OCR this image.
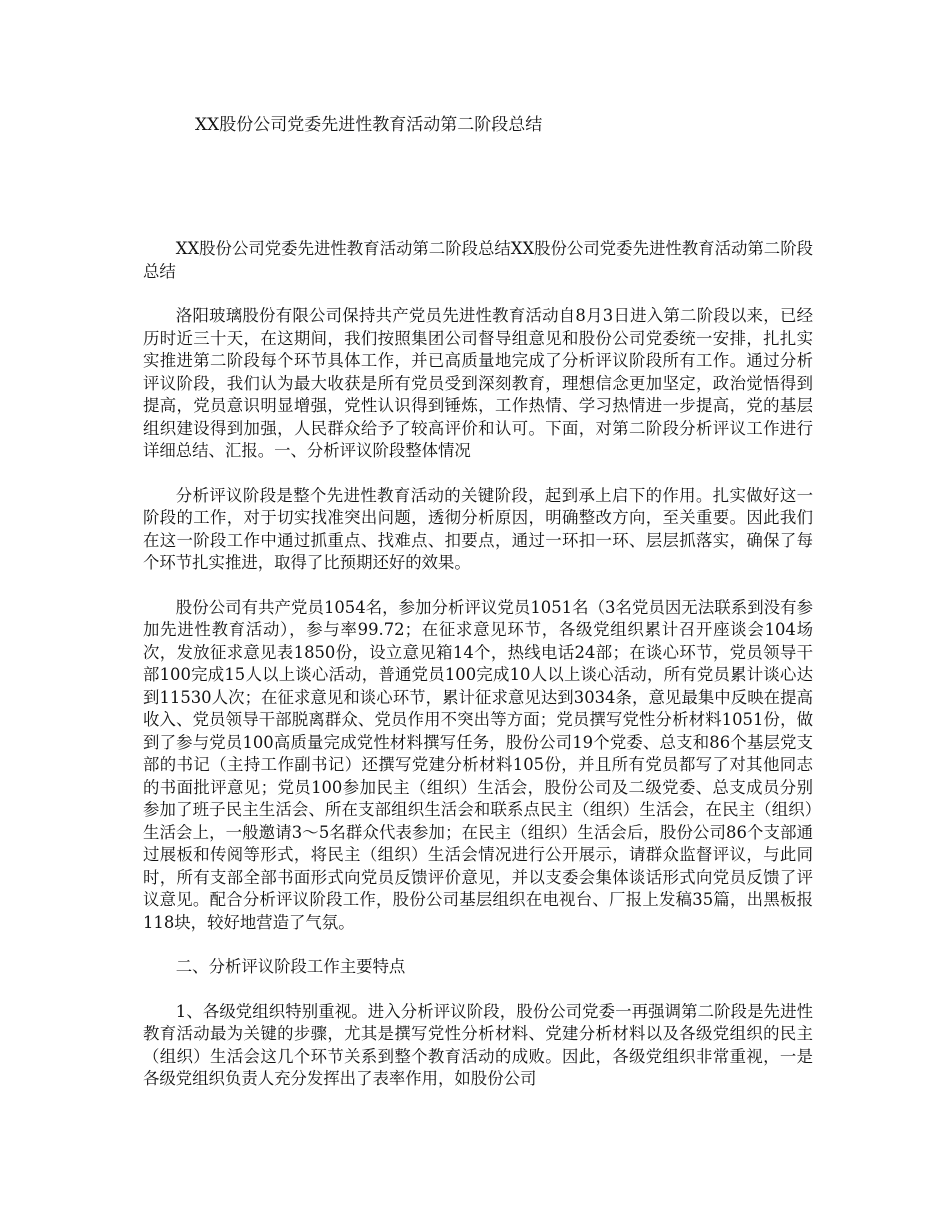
XX股份公司党委先进性教育活动第二阶段总结

XX股份公司党委先进性教育活动第二阶段总结XX股份公司党委先进性教育活动第二阶段总结

洛阳玻璃股份有限公司保持共产党员先进性教育活动自8月3日进入第二阶段以来，已经历时近三十天，在这期间，我们按照集团公司督导组意见和股份公司党委统一安排，扎扎实实推进第二阶段每个环节具体工作，并已高质量地完成了分析评议阶段所有工作。通过分析评议阶段，我们认为最大收获是所有党员受到深刻教育，理想信念更加坚定，政治觉悟得到提高，党员意识明显增强，党性认识得到锤炼，工作热情、学习热情进一步提高，党的基层组织建设得到加强，人民群众给予了较高评价和认可。下面，对第二阶段分析评议工作进行详细总结、汇报。一、分析评议阶段整体情况

分析评议阶段是整个先进性教育活动的关键阶段，起到承上启下的作用。扎实做好这一阶段的工作，对于切实找准突出问题，透彻分析原因，明确整改方向，至关重要。因此我们在这一阶段工作中通过抓重点、找难点、扣要点，通过一环扣一环、层层抓落实，确保了每个环节扎实推进，取得了比预期还好的效果。

股份公司有共产党员1054名，参加分析评议党员1051名（3名党员因无法联系到没有参加先进性教育活动），参与率99.72；在征求意见环节，各级党组织累计召开座谈会104场次，发放征求意见表1850份，设立意见箱14个，热线电话24部；在谈心环节，党员领导干部100完成15人以上谈心活动，普通党员100完成10人以上谈心活动，所有党员累计谈心达到11530人次；在征求意见和谈心环节，累计征求意见达到3034条，意见最集中反映在提高收入、党员领导干部脱离群众、党员作用不突出等方面；党员撰写党性分析材料1051份，做到了参与党员100高质量完成党性材料撰写任务，股份公司19个党委、总支和86个基层党支部的书记（主持工作副书记）还撰写党建分析材料105份，并且所有党员都写了对其他同志的书面批评意见；党员100参加民主（组织）生活会，股份公司及二级党委、总支成员分别参加了班子民主生活会、所在支部组织生活会和联系点民主（组织）生活会，在民主（组织）生活会上，一般邀请3～5名群众代表参加；在民主（组织）生活会后，股份公司86个支部通过展板和传阅等形式，将民主（组织）生活会情况进行公开展示，请群众监督评议，与此同时，所有支部全部书面形式向党员反馈评价意见，并以支委会集体谈话形式向党员反馈了评议意见。配合分析评议阶段工作，股份公司基层组织在电视台、厂报上发稿35篇，出黑板报118块，较好地营造了气氛。

二、分析评议阶段工作主要特点

1、各级党组织特别重视。进入分析评议阶段，股份公司党委一再强调第二阶段是先进性教育活动最为关键的步骤，尤其是撰写党性分析材料、党建分析材料以及各级党组织的民主（组织）生活会这几个环节关系到整个教育活动的成败。因此，各级党组织非常重视，一是各级党组织负责人充分发挥出了表率作用，如股份公司
